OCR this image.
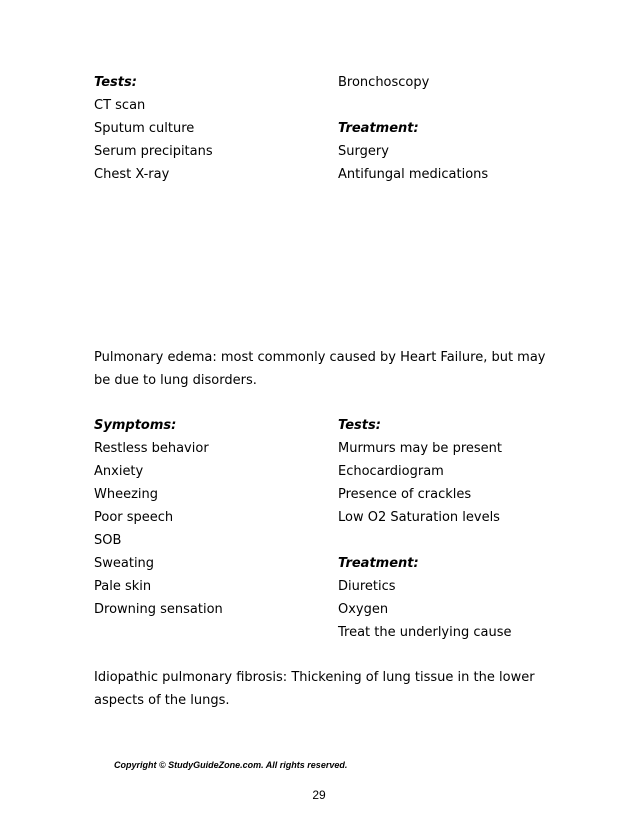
Tests:
CT scan
Sputum culture
Serum precipitans
Chest X-ray
Bronchoscopy
Treatment:
Surgery
Antifungal medications
Pulmonary edema: most commonly caused by Heart Failure, but may
be due to lung disorders.
Symptoms:
Restless behavior
Anxiety
Wheezing
Poor speech
SOB
Sweating
Pale skin
Drowning sensation
Tests:
Murmurs may be present
Echocardiogram
Presence of crackles
Low O2 Saturation levels
Treatment:
Diuretics
Oxygen
Treat the underlying cause
Idiopathic pulmonary fibrosis: Thickening of lung tissue in the lower
aspects of the lungs.
Copyright © StudyGuideZone.com. All rights reserved.
29
